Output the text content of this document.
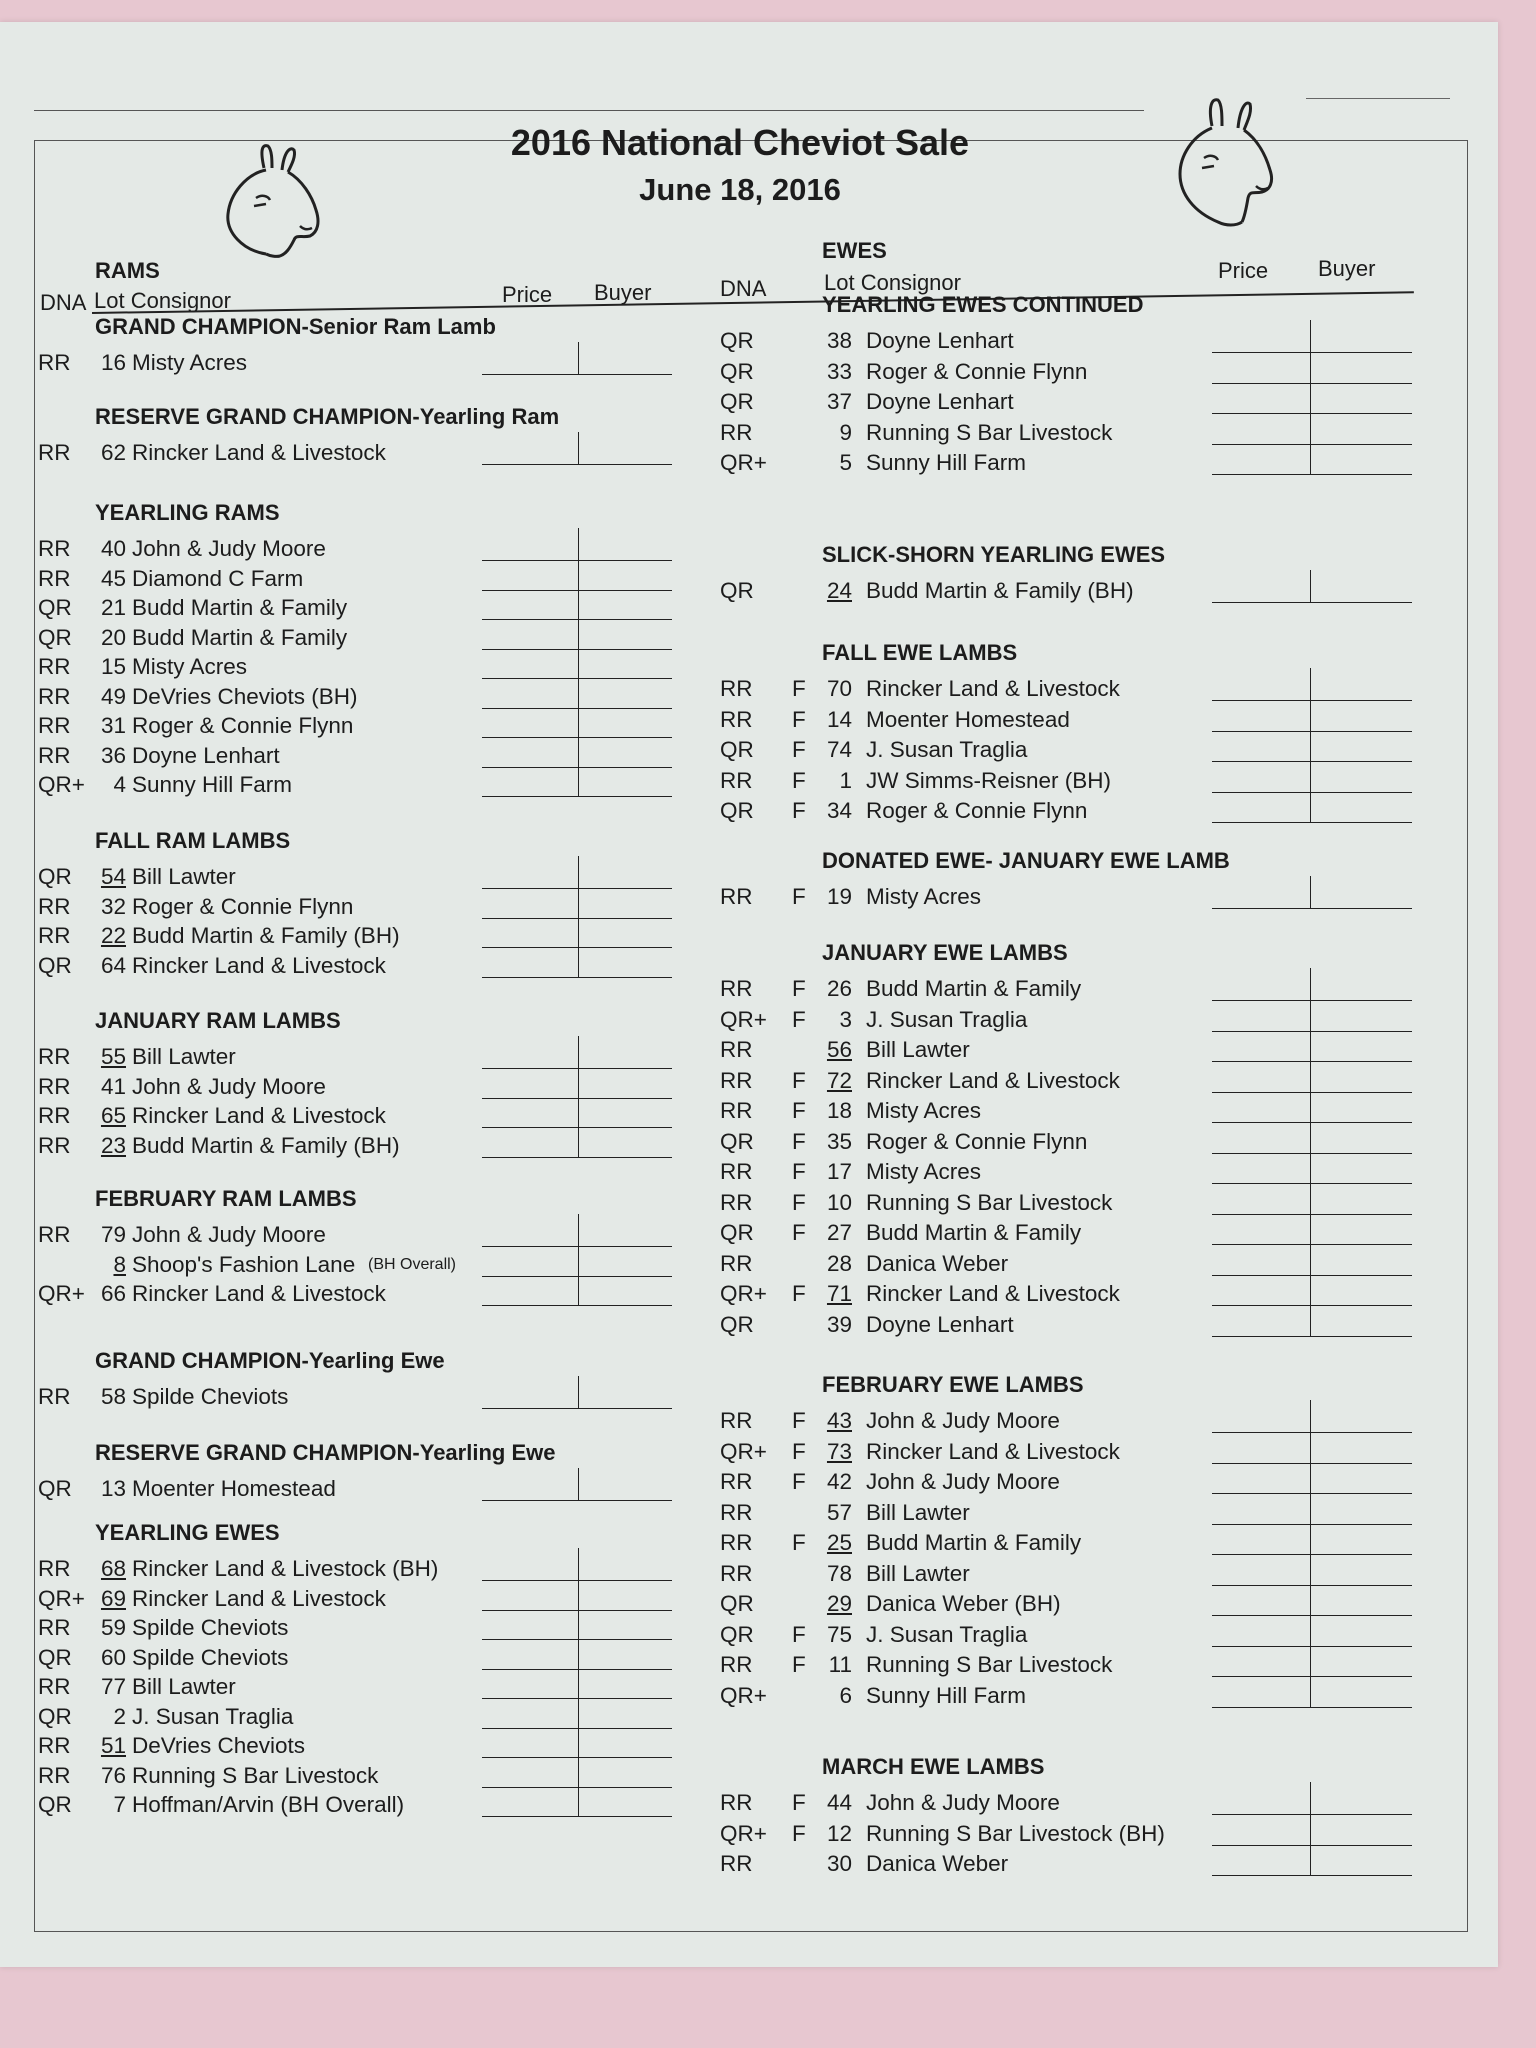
2016 National Cheviot Sale
June 18, 2016
RAMS
DNA Lot Consignor	Price Buyer
EWES
DNA	Lot Consignor	Price Buyer
GRAND CHAMPION-Senior Ram Lamb
RR	16 Misty Acres
RESERVE GRAND CHAMPION-Yearling Ram
RR	62 Rincker Land & Livestock
YEARLING RAMS
RR	40 John & Judy Moore
RR	45 Diamond C Farm
QR	21 Budd Martin & Family
QR	20 Budd Martin & Family
RR	15 Misty Acres
RR	49 DeVries Cheviots (BH)
RR	31 Roger & Connie Flynn
RR	36 Doyne Lenhart
QR+	4 Sunny Hill Farm
FALL RAM LAMBS
QR	54 Bill Lawter
RR	32 Roger & Connie Flynn
RR	22 Budd Martin & Family (BH)
QR	64 Rincker Land & Livestock
JANUARY RAM LAMBS
RR	55 Bill Lawter
RR	41 John & Judy Moore
RR	65 Rincker Land & Livestock
RR	23 Budd Martin & Family (BH)
FEBRUARY RAM LAMBS
RR	79 John & Judy Moore
8 Shoop's Fashion Lane (BH Overall)
QR+ 66 Rincker Land & Livestock
GRAND CHAMPION-Yearling Ewe
RR	58 Spilde Cheviots
RESERVE GRAND CHAMPION-Yearling Ewe
QR	13 Moenter Homestead
YEARLING EWES
RR	68 Rincker Land & Livestock (BH)
QR+ 69 Rincker Land & Livestock
RR	59 Spilde Cheviots
QR	60 Spilde Cheviots
RR	77 Bill Lawter
QR	2 J. Susan Traglia
RR	51 DeVries Cheviots
RR	76 Running S Bar Livestock
QR	7 Hoffman/Arvin (BH Overall)
YEARLING EWES CONTINUED
QR	38 Doyne Lenhart
QR	33 Roger & Connie Flynn
QR	37 Doyne Lenhart
RR	9 Running S Bar Livestock
QR+	5 Sunny Hill Farm
SLICK-SHORN YEARLING EWES
QR	24 Budd Martin & Family (BH)
FALL EWE LAMBS
RR F 70 Rincker Land & Livestock
RR F 14 Moenter Homestead
QR F 74 J. Susan Traglia
RR F	1 JW Simms-Reisner (BH)
QR F 34 Roger & Connie Flynn
DONATED EWE- JANUARY EWE LAMB
RR F 19 Misty Acres
JANUARY EWE LAMBS
RR F 26 Budd Martin & Family
QR+ F	3 J. Susan Traglia
RR	56 Bill Lawter
RR F 72 Rincker Land & Livestock
RR F 18 Misty Acres
QR F 35 Roger & Connie Flynn
RR F 17 Misty Acres
RR F 10 Running S Bar Livestock
QR F 27 Budd Martin & Family
RR	28 Danica Weber
QR+ F 71 Rincker Land & Livestock
QR	39 Doyne Lenhart
FEBRUARY EWE LAMBS
RR F 43 John & Judy Moore
QR+ F 73 Rincker Land & Livestock
RR F 42 John & Judy Moore
RR	57 Bill Lawter
RR F 25 Budd Martin & Family
RR	78 Bill Lawter
QR	29 Danica Weber (BH)
QR F 75 J. Susan Traglia
RR F	11 Running S Bar Livestock
QR+	6 Sunny Hill Farm
MARCH EWE LAMBS
RR F 44 John & Judy Moore
QR+ F 12 Running S Bar Livestock (BH)
RR	30 Danica Weber
